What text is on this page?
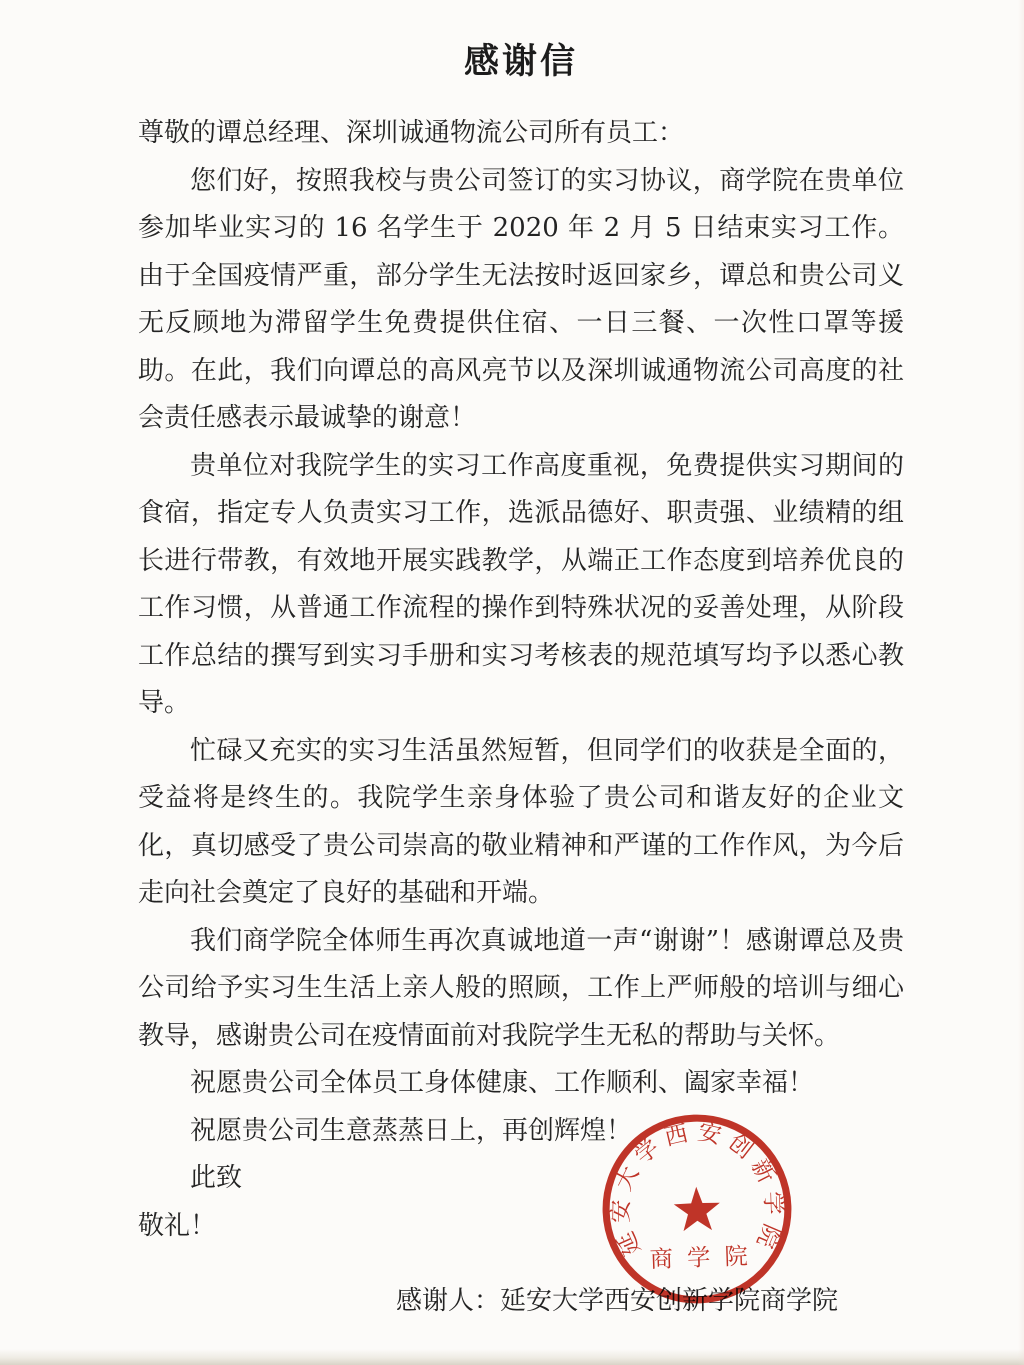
感谢信

尊敬的谭总经理、深圳诚通物流公司所有员工：

您们好，按照我校与贵公司签订的实习协议，商学院在贵单位参加毕业实习的 16 名学生于 2020 年 2 月 5 日结束实习工作。由于全国疫情严重，部分学生无法按时返回家乡，谭总和贵公司义无反顾地为滞留学生免费提供住宿、一日三餐、一次性口罩等援助。在此，我们向谭总的高风亮节以及深圳诚通物流公司高度的社会责任感表示最诚挚的谢意！

贵单位对我院学生的实习工作高度重视，免费提供实习期间的食宿，指定专人负责实习工作，选派品德好、职责强、业绩精的组长进行带教，有效地开展实践教学，从端正工作态度到培养优良的工作习惯，从普通工作流程的操作到特殊状况的妥善处理，从阶段工作总结的撰写到实习手册和实习考核表的规范填写均予以悉心教导。

忙碌又充实的实习生活虽然短暂，但同学们的收获是全面的，受益将是终生的。我院学生亲身体验了贵公司和谐友好的企业文化，真切感受了贵公司崇高的敬业精神和严谨的工作作风，为今后走向社会奠定了良好的基础和开端。

我们商学院全体师生再次真诚地道一声“谢谢”！感谢谭总及贵公司给予实习生生活上亲人般的照顾，工作上严师般的培训与细心教导，感谢贵公司在疫情面前对我院学生无私的帮助与关怀。

祝愿贵公司全体员工身体健康、工作顺利、阖家幸福！

祝愿贵公司生意蒸蒸日上，再创辉煌！

此致

敬礼！

感谢人：延安大学西安创新学院商学院

延安大学西安创新学院
商学院
